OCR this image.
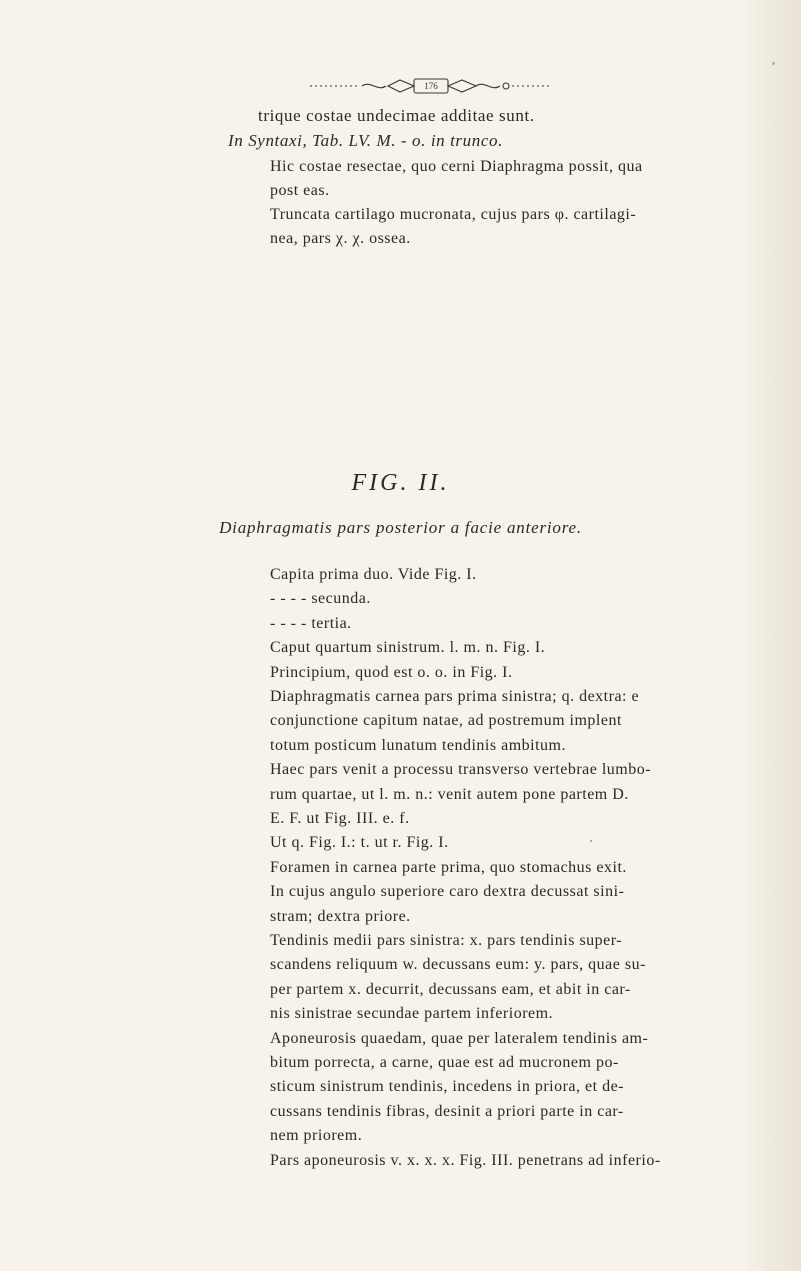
176
trique costae undecimae additae sunt.
In Syntaxi, Tab. LV. M. - o. in trunco.
Hic costae resectae, quo cerni Diaphragma possit, qua
post eas.
Truncata cartilago mucronata, cujus pars φ. cartilagi-
nea, pars χ. χ. ossea.
FIG. II.
Diaphragmatis pars posterior a facie anteriore.
Capita prima duo. Vide Fig. I.
- - - - secunda.
- - - - tertia.
Caput quartum sinistrum. l. m. n. Fig. I.
Principium, quod est o. o. in Fig. I.
Diaphragmatis carnea pars prima sinistra; q. dextra: e
conjunctione capitum natae, ad postremum implent
totum posticum lunatum tendinis ambitum.
Haec pars venit a processu transverso vertebrae lumbo-
rum quartae, ut l. m. n.: venit autem pone partem D.
E. F. ut Fig. III. e. f.
Ut q. Fig. I.: t. ut r. Fig. I.
Foramen in carnea parte prima, quo stomachus exit.
In cujus angulo superiore caro dextra decussat sini-
stram; dextra priore.
Tendinis medii pars sinistra: x. pars tendinis super-
scandens reliquum w. decussans eum: y. pars, quae su-
per partem x. decurrit, decussans eam, et abit in car-
nis sinistrae secundae partem inferiorem.
Aponeurosis quaedam, quae per lateralem tendinis am-
bitum porrecta, a carne, quae est ad mucronem po-
sticum sinistrum tendinis, incedens in priora, et de-
cussans tendinis fibras, desinit a priori parte in car-
nem priorem.
Pars aponeurosis v. x. x. x. Fig. III. penetrans ad inferio-
